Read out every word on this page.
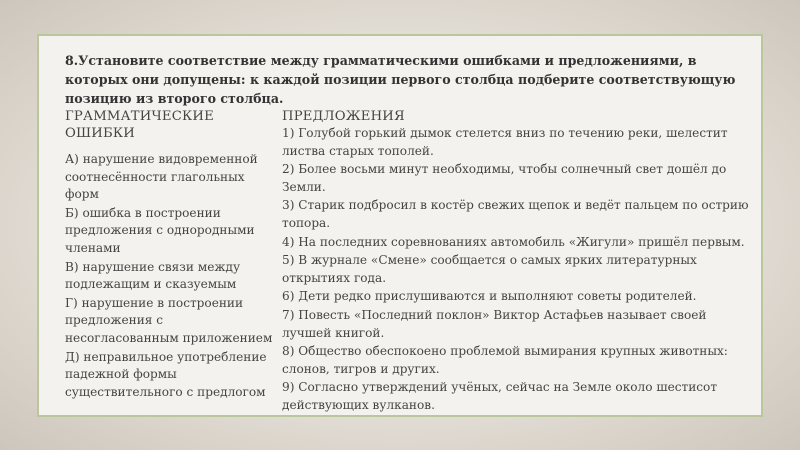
8.Установите соответствие между грамматическими ошибками и предложениями, в которых они допущены: к каждой позиции первого столбца подберите соответствующую позицию из второго столбца.
ГРАММАТИЧЕСКИЕ ОШИБКИ
ПРЕДЛОЖЕНИЯ
А) нарушение видовременной соотнесённости глагольных форм
Б) ошибка в построении предложения с однородными членами
В) нарушение связи между подлежащим и сказуемым
Г) нарушение в построении предложения с несогласованным приложением
Д) неправильное употребление падежной формы существительного с предлогом
1) Голубой горький дымок стелется вниз по течению реки, шелестит листва старых тополей.
2) Более восьми минут необходимы, чтобы солнечный свет дошёл до Земли.
3) Старик подбросил в костёр свежих щепок и ведёт пальцем по острию топора.
4) На последних соревнованиях автомобиль «Жигули» пришёл первым.
5) В журнале «Смене» сообщается о самых ярких литературных открытиях года.
6) Дети редко прислушиваются и выполняют советы родителей.
7) Повесть «Последний поклон» Виктор Астафьев называет своей лучшей книгой.
8) Общество обеспокоено проблемой вымирания крупных животных: слонов, тигров и других.
9) Согласно утверждений учёных, сейчас на Земле около шестисот действующих вулканов.
